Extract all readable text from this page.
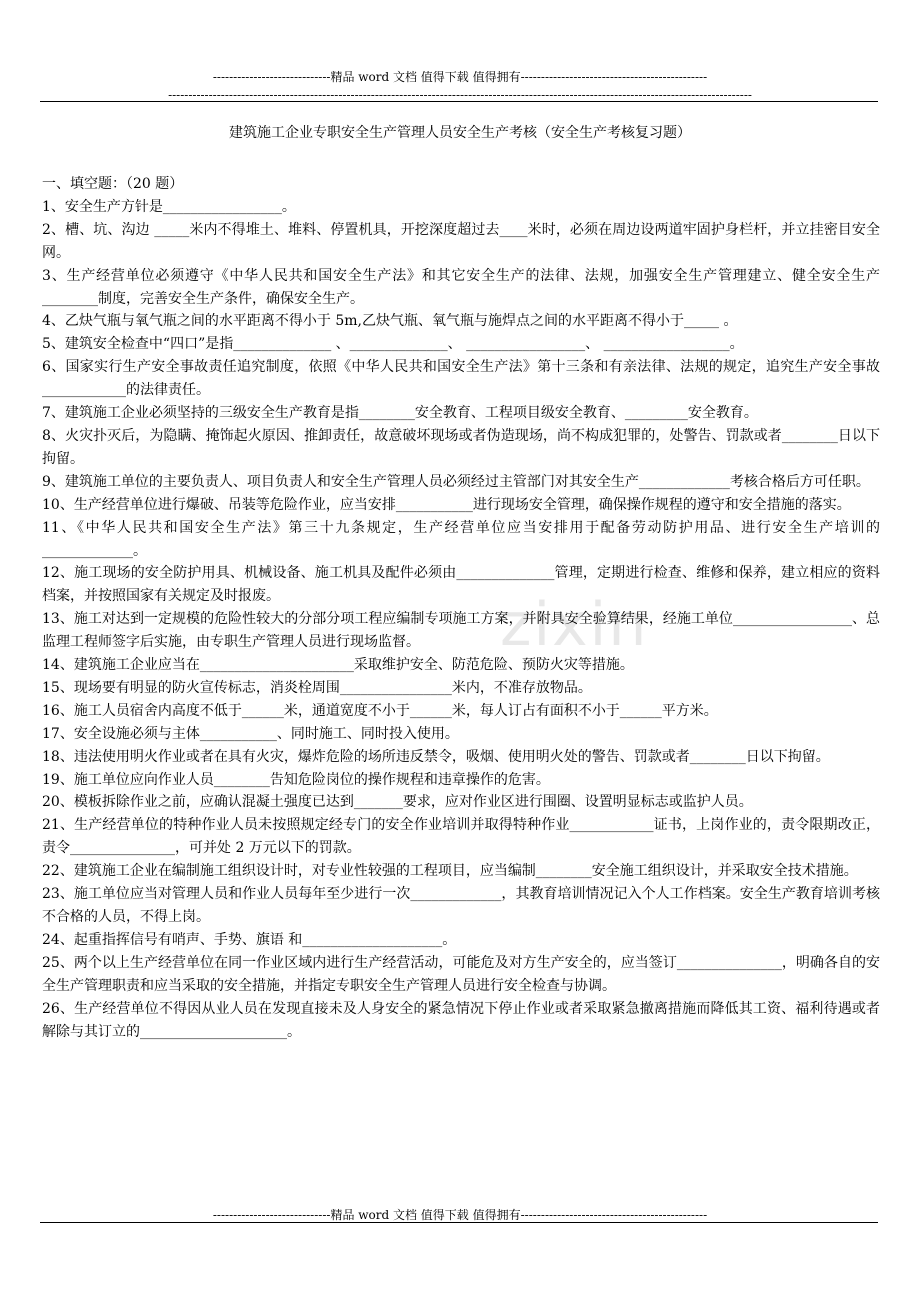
-----------------------------精品 word 文档 值得下载 值得拥有----------------------------------------------
------------------------------------------------------------------------------------------------------------------------------------------------
zixin
建筑施工企业专职安全生产管理人员安全生产考核（安全生产考核复习题）

一、填空题：（20 题）

1、安全生产方针是_________________。

2、槽、坑、沟边 _____米内不得堆土、堆料、停置机具，开挖深度超过去____米时，必须在周边设两道牢固护身栏杆，并立挂密目安全网。

3、生产经营单位必须遵守《中华人民共和国安全生产法》和其它安全生产的法律、法规，加强安全生产管理建立、健全安全生产________制度，完善安全生产条件，确保安全生产。

4、乙炔气瓶与氧气瓶之间的水平距离不得小于 5m,乙炔气瓶、氧气瓶与施焊点之间的水平距离不得小于_____ 。

5、建筑安全检查中“四口”是指______________ 、______________、 _________________、 __________________。

6、国家实行生产安全事故责任追究制度，依照《中华人民共和国安全生产法》第十三条和有亲法律、法规的规定，追究生产安全事故____________的法律责任。

7、建筑施工企业必须坚持的三级安全生产教育是指________安全教育、工程项目级安全教育、_________安全教育。

8、火灾扑灭后，为隐瞒、掩饰起火原因、推卸责任，故意破坏现场或者伪造现场，尚不构成犯罪的，处警告、罚款或者________日以下拘留。

9、建筑施工单位的主要负责人、项目负责人和安全生产管理人员必须经过主管部门对其安全生产_____________考核合格后方可任职。

10、生产经营单位进行爆破、吊装等危险作业，应当安排___________进行现场安全管理，确保操作规程的遵守和安全措施的落实。

11、《中华人民共和国安全生产法》第三十九条规定，生产经营单位应当安排用于配备劳动防护用品、进行安全生产培训的_____________。

12、施工现场的安全防护用具、机械设备、施工机具及配件必须由______________管理，定期进行检查、维修和保养，建立相应的资料档案，并按照国家有关规定及时报废。

13、施工对达到一定规模的危险性较大的分部分项工程应编制专项施工方案，并附具安全验算结果，经施工单位_________________、总监理工程师签字后实施，由专职生产管理人员进行现场监督。

14、建筑施工企业应当在______________________采取维护安全、防范危险、预防火灾等措施。

15、现场要有明显的防火宣传标志，消炎栓周围________________米内，不准存放物品。

16、施工人员宿舍内高度不低于______米，通道宽度不小于______米，每人订占有面积不小于______平方米。

17、安全设施必须与主体___________、同时施工、同时投入使用。

18、违法使用明火作业或者在具有火灾，爆炸危险的场所违反禁令，吸烟、使用明火处的警告、罚款或者________日以下拘留。

19、施工单位应向作业人员________告知危险岗位的操作规程和违章操作的危害。

20、模板拆除作业之前，应确认混凝土强度已达到_______要求，应对作业区进行围圈、设置明显标志或监护人员。

21、生产经营单位的特种作业人员未按照规定经专门的安全作业培训并取得特种作业____________证书，上岗作业的，责令限期改正，责令_______________，可并处 2 万元以下的罚款。

22、建筑施工企业在编制施工组织设计时，对专业性较强的工程项目，应当编制________安全施工组织设计，并采取安全技术措施。

23、施工单位应当对管理人员和作业人员每年至少进行一次_____________，其教育培训情况记入个人工作档案。安全生产教育培训考核不合格的人员，不得上岗。

24、起重指挥信号有哨声、手势、旗语 和____________________。

25、两个以上生产经营单位在同一作业区域内进行生产经营活动，可能危及对方生产安全的，应当签订_______________，明确各自的安全生产管理职责和应当采取的安全措施，并指定专职安全生产管理人员进行安全检查与协调。

26、生产经营单位不得因从业人员在发现直接未及人身安全的紧急情况下停止作业或者采取紧急撤离措施而降低其工资、福利待遇或者解除与其订立的_____________________。

-----------------------------精品 word 文档 值得下载 值得拥有----------------------------------------------
